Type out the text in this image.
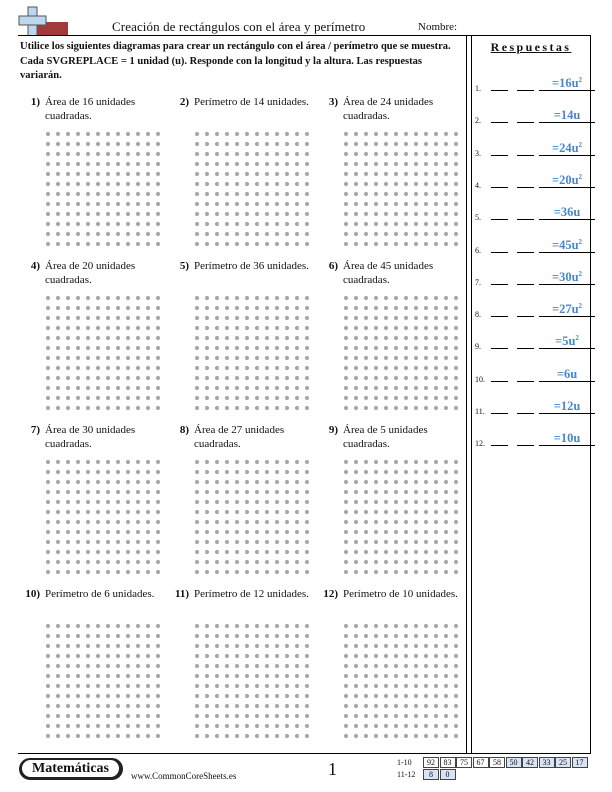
Creación de rectángulos con el área y perímetro	Nombre:
Utilice los siguientes diagramas para crear un rectángulo con el área / perímetro que se muestra. Cada SVGREPLACE = 1 unidad (u). Responde con la longitud y la altura. Las respuestas variarán.
1) Área de 16 unidades cuadradas.
2) Perímetro de 14 unidades.	3) Área de 24 unidades cuadradas.
4) Área de 20 unidades cuadradas.
5) Perímetro de 36 unidades.	6) Área de 45 unidades cuadradas.
7) Área de 30 unidades cuadradas.
8) Área de 27 unidades cuadradas.
9) Área de 5 unidades cuadradas.
10) Perímetro de 6 unidades.	11) Perímetro de 12 unidades.	12) Perímetro de 10 unidades.
Respuestas
1.	$=16u^2$
2.	=14u
3.	$=24u^2$
4.	$=20u^2$
5.	=36u
6.	$=45u^2$
7.	$=30u^2$
8.	$=27u^2$
9.	$=5u^2$
10.	=6u
11.	=12u
12.	=10u
Matemáticas	www.CommonCoreSheets.es	1	1-10	92	83	75	67	58	50	42	33	25	17
11-12	8	0
